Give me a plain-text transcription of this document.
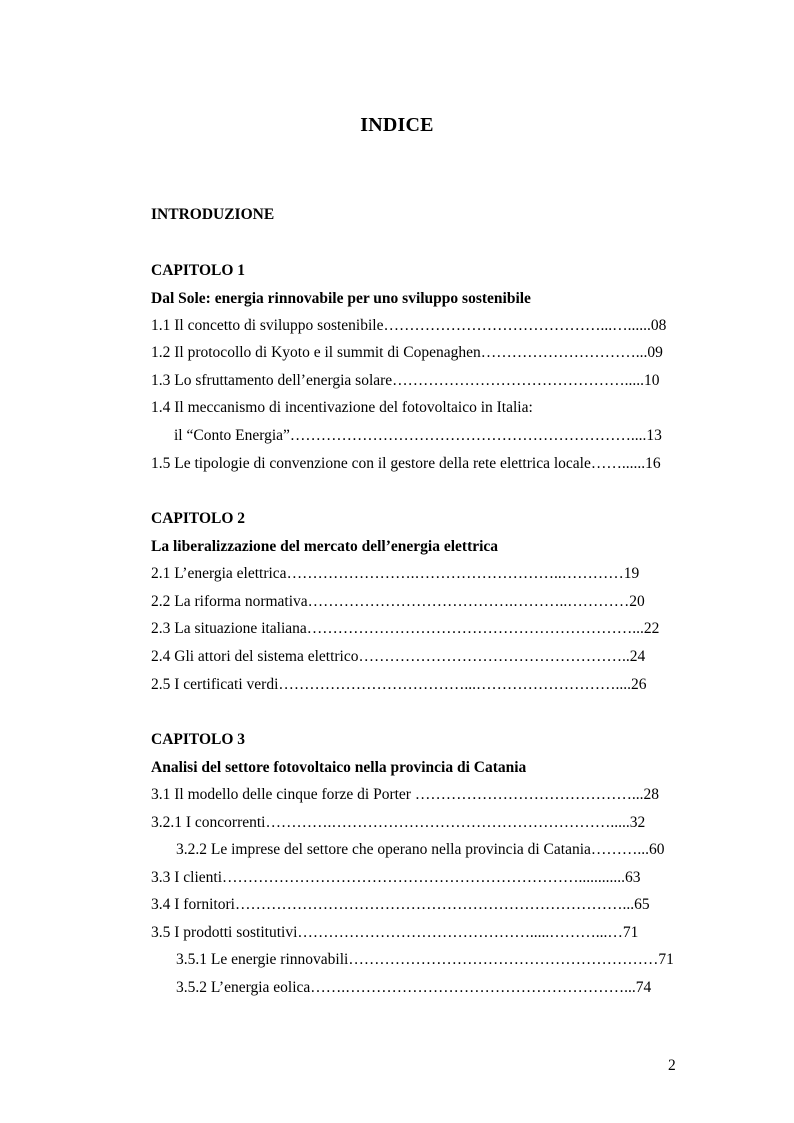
INDICE
INTRODUZIONE
CAPITOLO 1
Dal Sole: energia rinnovabile per uno sviluppo sostenibile
1.1 Il concetto di sviluppo sostenibile……………………………………...…......08
1.2 Il protocollo di Kyoto e il summit di Copenaghen…………………………...09
1.3 Lo sfruttamento dell’energia solare……………………………………….....10
1.4 Il meccanismo di incentivazione del fotovoltaico in Italia:
il “Conto Energia”…………………………………………………………....13
1.5 Le tipologie di convenzione con il gestore della rete elettrica locale……......16
CAPITOLO 2
La liberalizzazione del mercato dell’energia elettrica
2.1 L’energia elettrica…………………….………………………..…………19
2.2 La riforma normativa………………………………….………..…………20
2.3 La situazione italiana………………………………………………………...22
2.4 Gli attori del sistema elettrico……………………………………………..24
2.5 I certificati verdi………………………………...………………………....26
CAPITOLO 3
Analisi del settore fotovoltaico nella provincia di Catania
3.1 Il modello delle cinque forze di Porter ……………………………………...28
3.2.1 I concorrenti………….……………………………………………….....32
3.2.2 Le imprese del settore che operano nella provincia di Catania………...60
3.3 I clienti……………………………………………………………............63
3.4 I fornitori…………………………………………………………………...65
3.5 I prodotti sostitutivi……………………………………….....………...…71
3.5.1 Le energie rinnovabili……………………………………………………71
3.5.2 L’energia eolica…….………………………………………………...74
2
